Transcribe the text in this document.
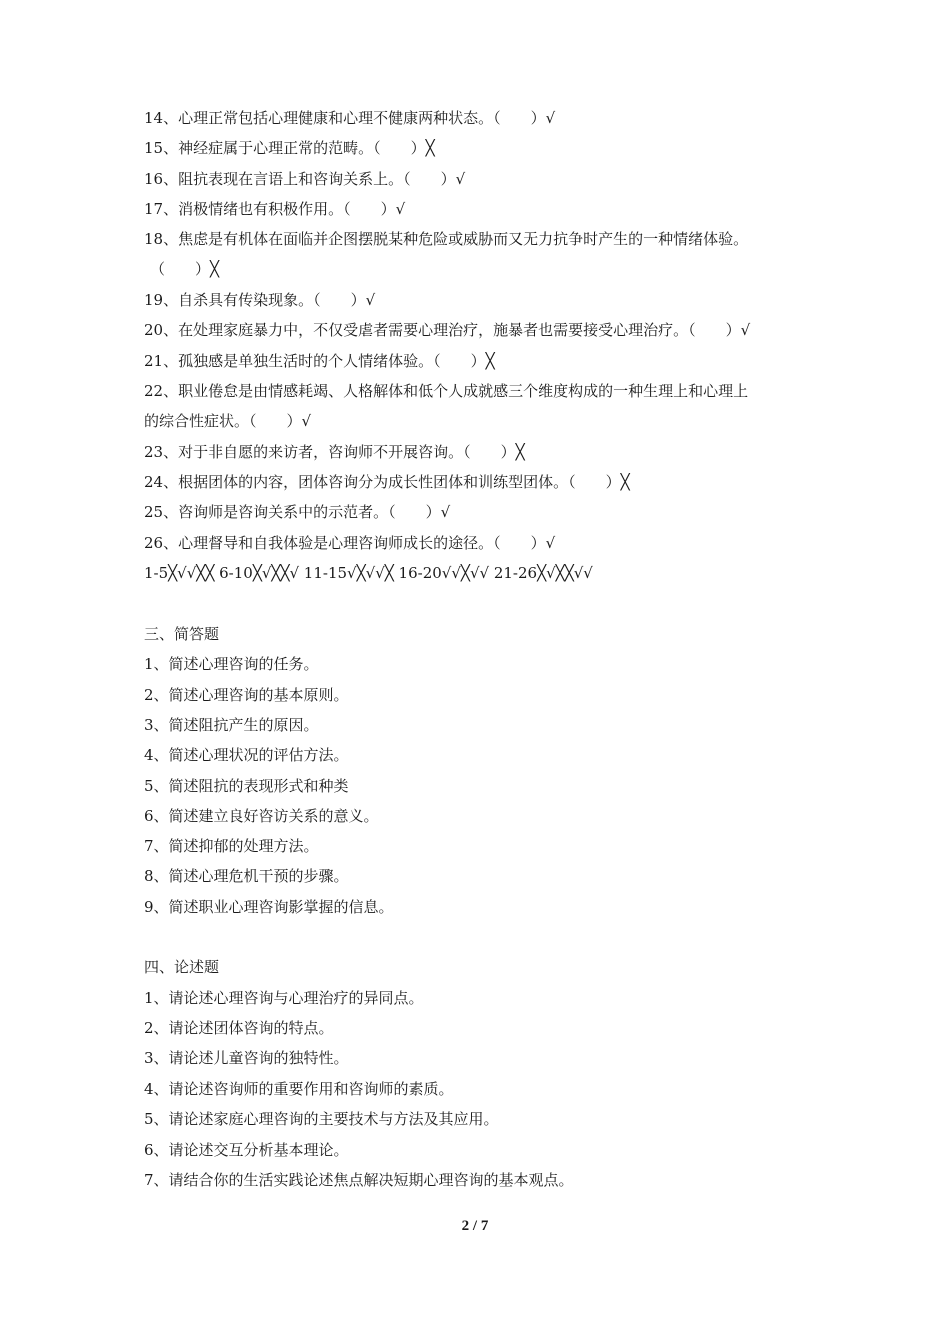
14、心理正常包括心理健康和心理不健康两种状态。（　　）√
15、神经症属于心理正常的范畴。（　　）╳
16、阻抗表现在言语上和咨询关系上。（　　）√
17、消极情绪也有积极作用。（　　）√
18、焦虑是有机体在面临并企图摆脱某种危险或威胁而又无力抗争时产生的一种情绪体验。
（　　）╳
19、自杀具有传染现象。（　　）√
20、在处理家庭暴力中，不仅受虐者需要心理治疗，施暴者也需要接受心理治疗。（　　）√
21、孤独感是单独生活时的个人情绪体验。（　　）╳
22、职业倦怠是由情感耗竭、人格解体和低个人成就感三个维度构成的一种生理上和心理上
的综合性症状。（　　）√
23、对于非自愿的来访者，咨询师不开展咨询。（　　）╳
24、根据团体的内容，团体咨询分为成长性团体和训练型团体。（　　）╳
25、咨询师是咨询关系中的示范者。（　　）√
26、心理督导和自我体验是心理咨询师成长的途径。（　　）√
1-5╳√√╳╳ 6-10╳√╳╳√ 11-15√╳√√╳ 16-20√√╳√√ 21-26╳√╳╳√√
三、简答题
1、简述心理咨询的任务。
2、简述心理咨询的基本原则。
3、简述阻抗产生的原因。
4、简述心理状况的评估方法。
5、简述阻抗的表现形式和种类
6、简述建立良好咨访关系的意义。
7、简述抑郁的处理方法。
8、简述心理危机干预的步骤。
9、简述职业心理咨询影掌握的信息。
四、论述题
1、请论述心理咨询与心理治疗的异同点。
2、请论述团体咨询的特点。
3、请论述儿童咨询的独特性。
4、请论述咨询师的重要作用和咨询师的素质。
5、请论述家庭心理咨询的主要技术与方法及其应用。
6、请论述交互分析基本理论。
7、请结合你的生活实践论述焦点解决短期心理咨询的基本观点。
2 / 7
